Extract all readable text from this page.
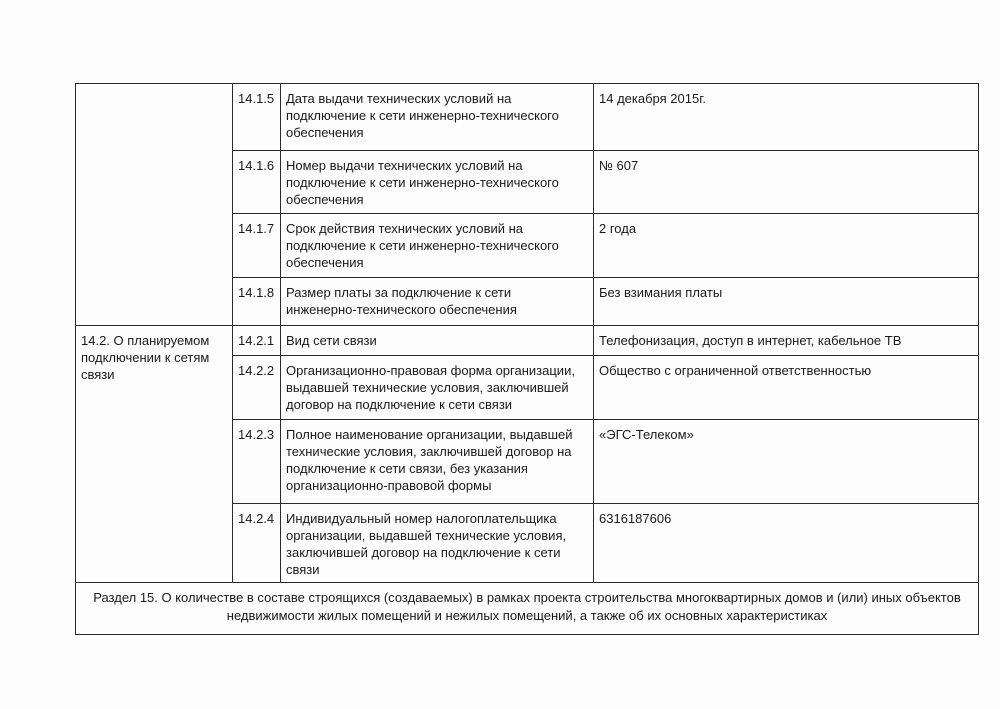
	14.1.5	Дата выдачи технических условий на
подключение к сети инженерно-технического
обеспечения	14 декабря 2015г.
	14.1.6	Номер выдачи технических условий на
подключение к сети инженерно-технического
обеспечения	№ 607
	14.1.7	Срок действия технических условий на
подключение к сети инженерно-технического
обеспечения	2 года
	14.1.8	Размер платы за подключение к сети
инженерно-технического обеспечения	Без взимания платы
14.2. О планируемом
подключении к сетям
связи	14.2.1	Вид сети связи	Телефонизация, доступ в интернет, кабельное ТВ
	14.2.2	Организационно-правовая форма организации,
выдавшей технические условия, заключившей
договор на подключение к сети связи	Общество с ограниченной ответственностью
	14.2.3	Полное наименование организации, выдавшей
технические условия, заключившей договор на
подключение к сети связи, без указания
организационно-правовой формы	«ЭГС-Телеком»
	14.2.4	Индивидуальный номер налогоплательщика
организации, выдавшей технические условия,
заключившей договор на подключение к сети
связи	6316187606
Раздел 15. О количестве в составе строящихся (создаваемых) в рамках проекта строительства многоквартирных домов и (или) иных объектов
недвижимости жилых помещений и нежилых помещений, а также об их основных характеристиках			
